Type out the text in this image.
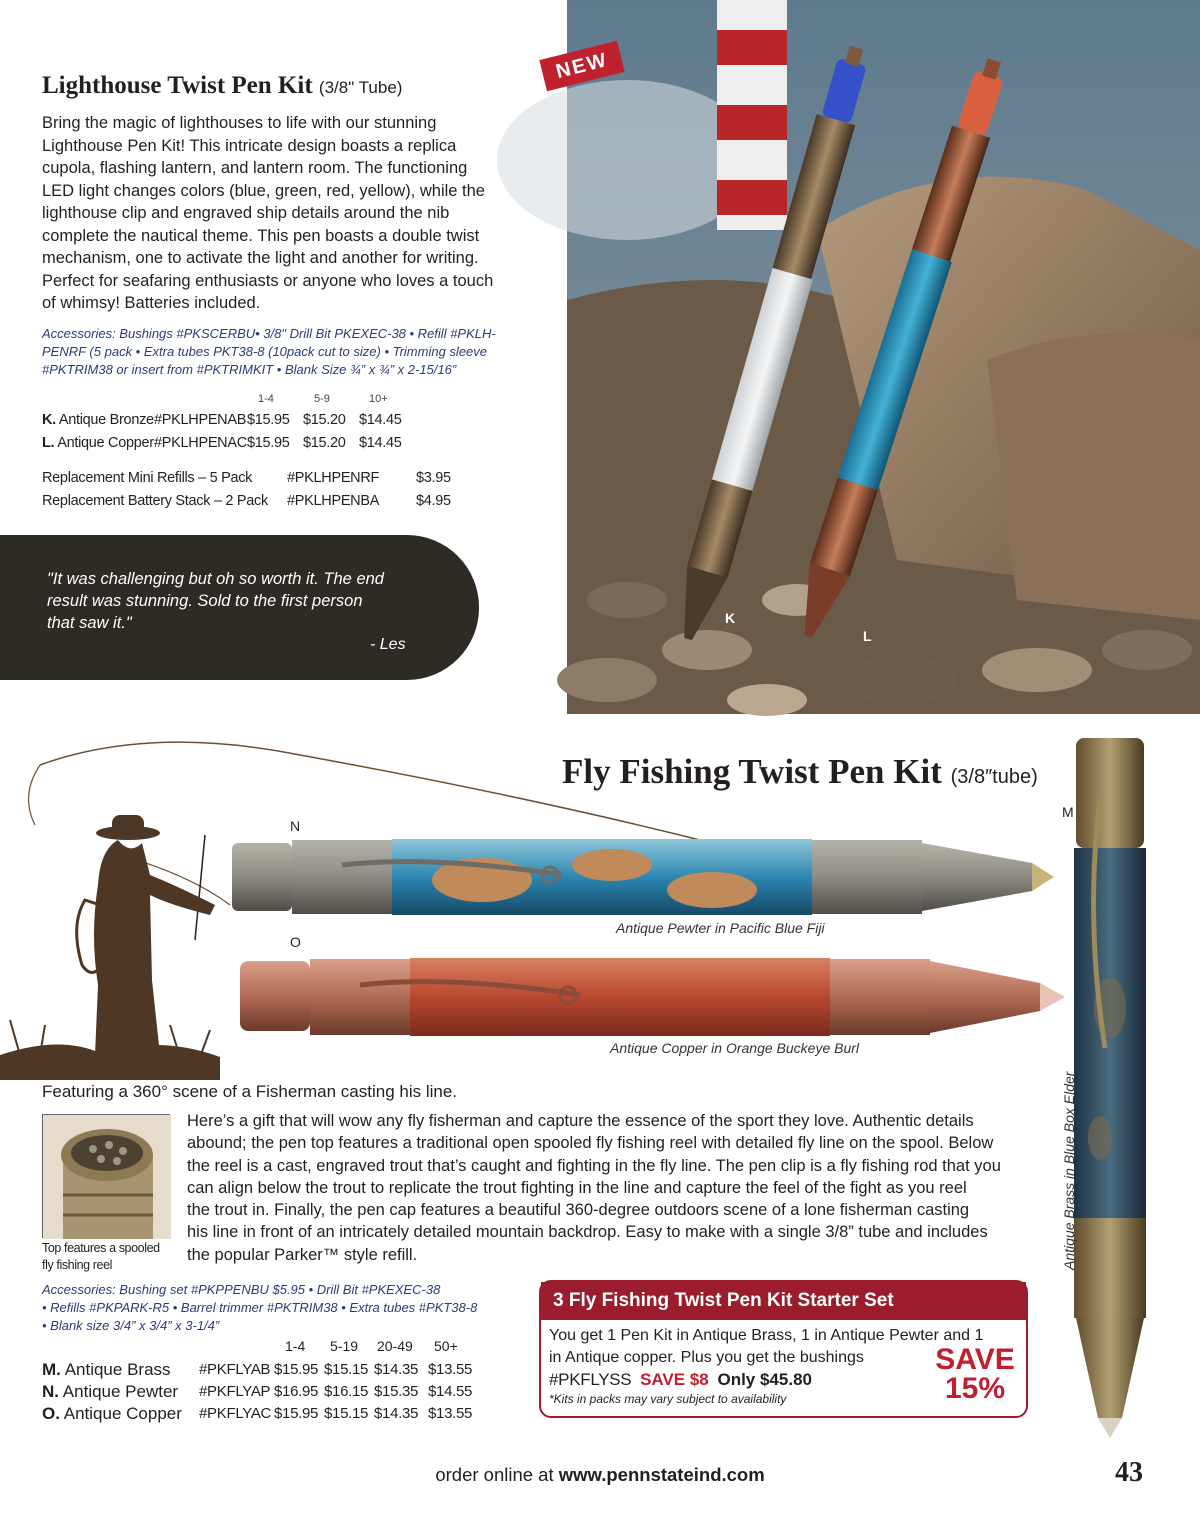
NEW
K
L
Lighthouse Twist Pen Kit (3/8" Tube)
Bring the magic of lighthouses to life with our stunning
Lighthouse Pen Kit! This intricate design boasts a replica
cupola, flashing lantern, and lantern room. The functioning
LED light changes colors (blue, green, red, yellow), while the
lighthouse clip and engraved ship details around the nib
complete the nautical theme. This pen boasts a double twist
mechanism, one to activate the light and another for writing.
Perfect for seafaring enthusiasts or anyone who loves a touch
of whimsy! Batteries included.
Accessories: Bushings #PKSCERBU• 3/8" Drill Bit PKEXEC-38 • Refill #PKLH-
PENRF (5 pack • Extra tubes PKT38-8 (10pack cut to size) • Trimming sleeve
#PKTRIM38 or insert from #PKTRIMKIT • Blank Size ¾” x ¾” x 2-15/16”
1-4	5-9	10+
K. Antique Bronze #PKLHPENAB $15.95 $15.20 $14.45
L. Antique Copper #PKLHPENAC $15.95 $15.20 $14.45
Replacement Mini Refills – 5 Pack #PKLHPENRF	$3.95
Replacement Battery Stack – 2 Pack #PKLHPENBA	$4.95
"It was challenging but oh so worth it. The end
result was stunning. Sold to the first person
that saw it."
- Les
Fly Fishing Twist Pen Kit (3/8″tube)
N
O
M
Antique Pewter in Pacific Blue Fiji
Antique Copper in Orange Buckeye Burl
Antique Brass in Blue Box Elder
Featuring a 360° scene of a Fisherman casting his line.
Top features a spooled
fly fishing reel
Here’s a gift that will wow any fly fisherman and capture the essence of the sport they love. Authentic details
abound; the pen top features a traditional open spooled fly fishing reel with detailed fly line on the spool. Below
the reel is a cast, engraved trout that’s caught and fighting in the fly line. The pen clip is a fly fishing rod that you
can align below the trout to replicate the trout fighting in the line and capture the feel of the fight as you reel
the trout in. Finally, the pen cap features a beautiful 360-degree outdoors scene of a lone fisherman casting
his line in front of an intricately detailed mountain backdrop. Easy to make with a single 3/8” tube and includes
the popular Parker™ style refill.
Accessories: Bushing set #PKPPENBU $5.95 • Drill Bit #PKEXEC-38
• Refills #PKPARK-R5 • Barrel trimmer #PKTRIM38 • Extra tubes #PKT38-8
• Blank size 3/4” x 3/4” x 3-1/4”
1-4 5-19 20-49 50+
M. Antique Brass #PKFLYAB $15.95 $15.15 $14.35 $13.55
N. Antique Pewter #PKFLYAP $16.95 $16.15 $15.35 $14.55
O. Antique Copper #PKFLYAC $15.95 $15.15 $14.35 $13.55
3 Fly Fishing Twist Pen Kit Starter Set
You get 1 Pen Kit in Antique Brass, 1 in Antique Pewter and 1
in Antique copper. Plus you get the bushings
#PKFLYSS SAVE $8 Only $45.80
*Kits in packs may vary subject to availability
SAVE
15%
order online at www.pennstateind.com	43
